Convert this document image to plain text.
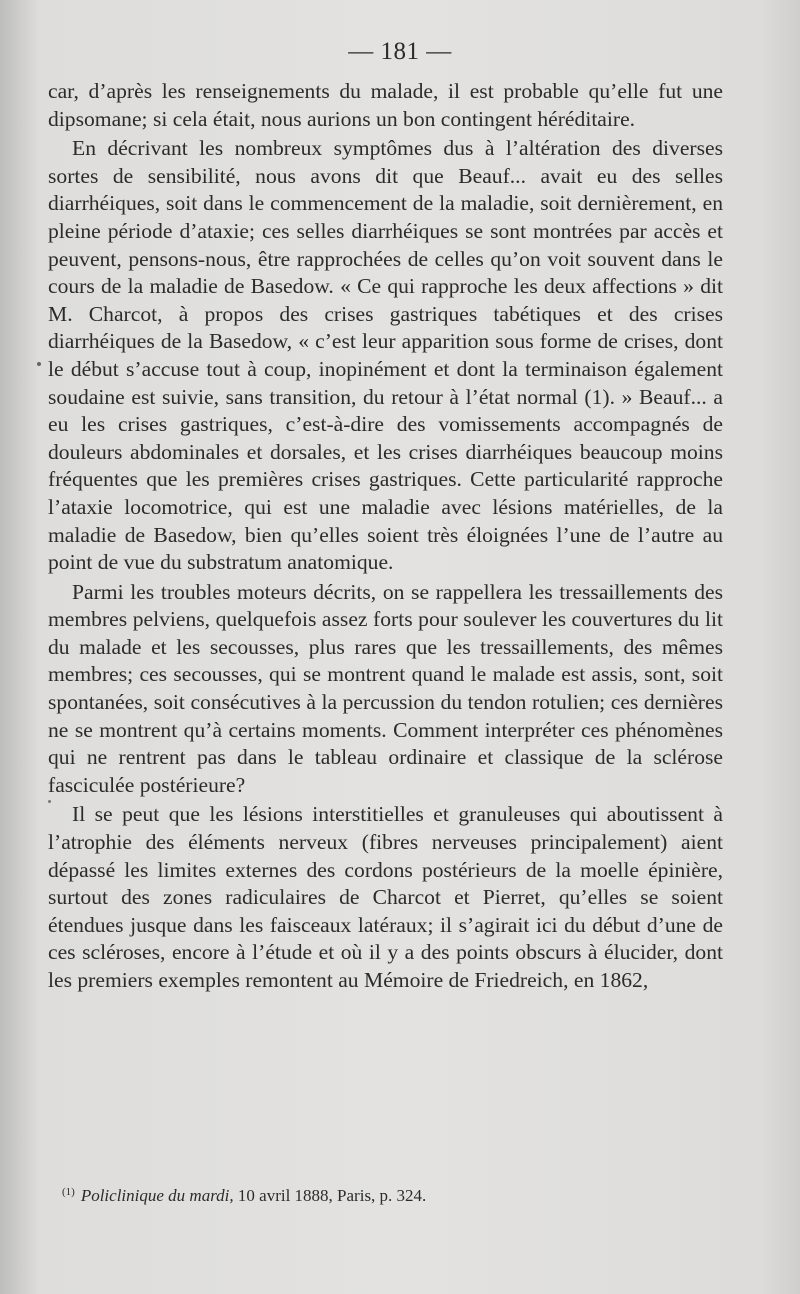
— 181 —

car, d’après les renseignements du malade, il est probable qu’elle fut une dipsomane; si cela était, nous aurions un bon contingent héréditaire.

En décrivant les nombreux symptômes dus à l’altération des diverses sortes de sensibilité, nous avons dit que Beauf... avait eu des selles diarrhéiques, soit dans le commencement de la maladie, soit dernièrement, en pleine période d’ataxie; ces selles diarrhéiques se sont montrées par accès et peuvent, pensons-nous, être rapprochées de celles qu’on voit souvent dans le cours de la maladie de Basedow. « Ce qui rapproche les deux affections » dit M. Charcot, à propos des crises gastriques tabétiques et des crises diarrhéiques de la Basedow, « c’est leur apparition sous forme de crises, dont le début s’accuse tout à coup, inopinément et dont la terminaison également soudaine est suivie, sans transition, du retour à l’état normal (1). » Beauf... a eu les crises gastriques, c’est-à-dire des vomissements accompagnés de douleurs abdominales et dorsales, et les crises diarrhéiques beaucoup moins fréquentes que les premières crises gastriques. Cette particularité rapproche l’ataxie locomotrice, qui est une maladie avec lésions matérielles, de la maladie de Basedow, bien qu’elles soient très éloignées l’une de l’autre au point de vue du substratum anatomique.

Parmi les troubles moteurs décrits, on se rappellera les tressaillements des membres pelviens, quelquefois assez forts pour soulever les couvertures du lit du malade et les secousses, plus rares que les tressaillements, des mêmes membres; ces secousses, qui se montrent quand le malade est assis, sont, soit spontanées, soit consécutives à la percussion du tendon rotulien; ces dernières ne se montrent qu’à certains moments. Comment interpréter ces phénomènes qui ne rentrent pas dans le tableau ordinaire et classique de la sclérose fasciculée postérieure?

Il se peut que les lésions interstitielles et granuleuses qui aboutissent à l’atrophie des éléments nerveux (fibres nerveuses principalement) aient dépassé les limites externes des cordons postérieurs de la moelle épinière, surtout des zones radiculaires de Charcot et Pierret, qu’elles se soient étendues jusque dans les faisceaux latéraux; il s’agirait ici du début d’une de ces scléroses, encore à l’étude et où il y a des points obscurs à élucider, dont les premiers exemples remontent au Mémoire de Friedreich, en 1862,

$^{(1)}$ Policlinique du mardi, 10 avril 1888, Paris, p. 324.
